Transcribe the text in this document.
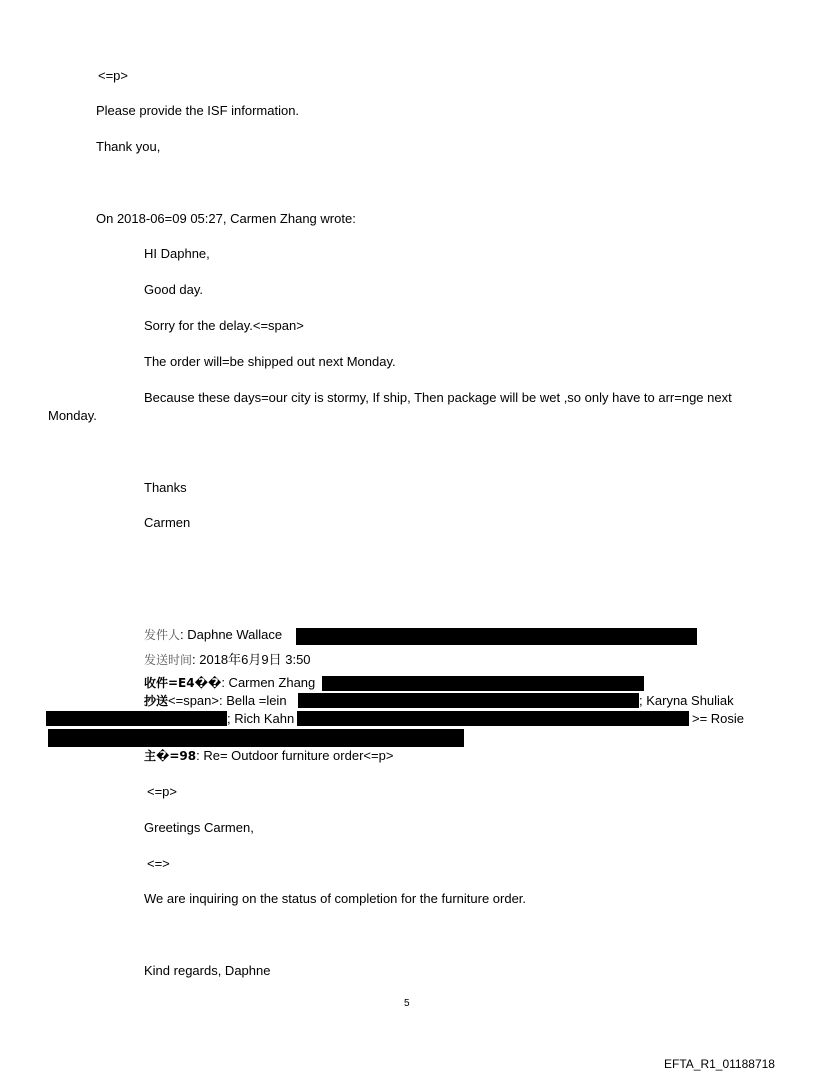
<=p>
Please provide the ISF information.
Thank you,
On 2018-06=09 05:27, Carmen Zhang wrote:
HI Daphne,
Good day.
Sorry for the delay.<=span>
The order will=be shipped out next Monday.
Because these days=our city is stormy, If ship, Then package will be wet ,so only have to arr=nge next
Monday.
Thanks
Carmen
发件人: Daphne Wallace
发送时间: 2018年6月9日 3:50
收件=E4��: Carmen Zhang
抄送<=span>: Bella =lein	; Karyna Shuliak
; Rich Kahn	>= Rosie
主�=98: Re= Outdoor furniture order<=p>
<=p>
Greetings Carmen,
<=>
We are inquiring on the status of completion for the furniture order.
Kind regards, Daphne
5
EFTA_R1_01188718
